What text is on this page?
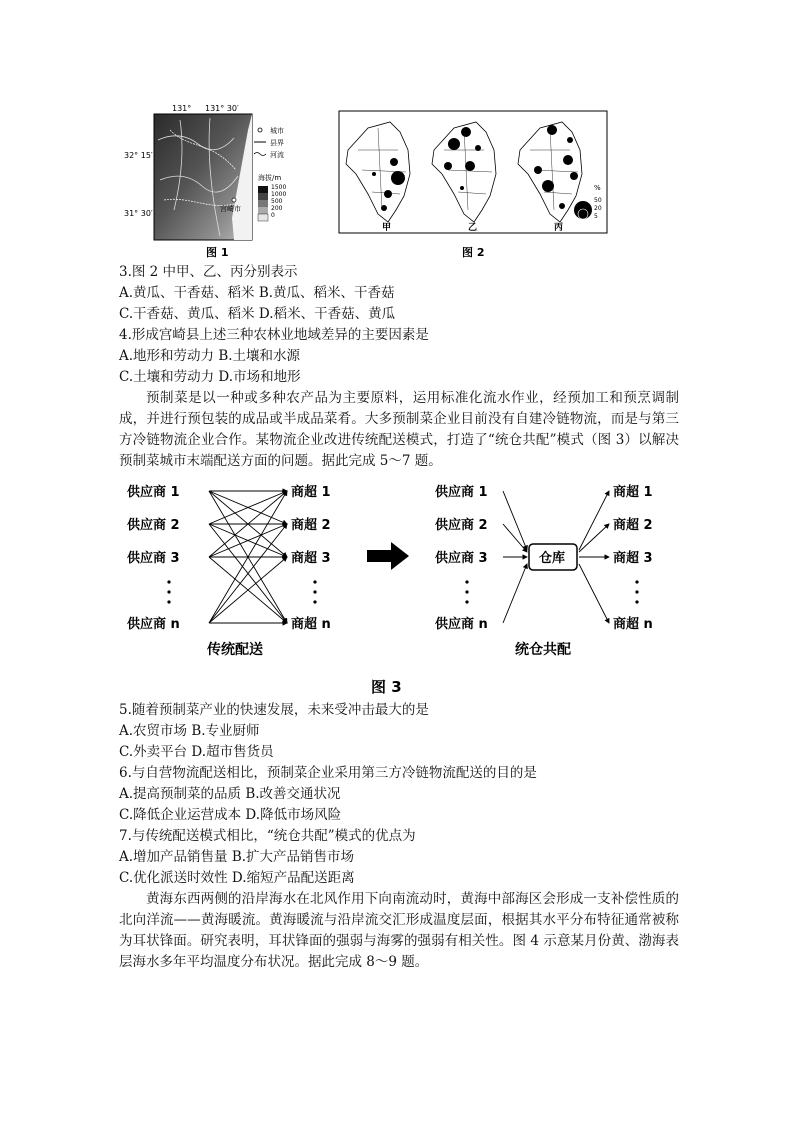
131° 131° 30′
宫崎市
32° 15′
31° 30′
城市
县界
河流
海拔/m
1500
1000
500
200
0
图 1
甲	乙	丙
%
50
20
5
图 2

3.图 2 中甲、乙、丙分别表示

A.黄瓜、干香菇、稻米 B.黄瓜、稻米、干香菇

C.干香菇、黄瓜、稻米 D.稻米、干香菇、黄瓜

4.形成宫崎县上述三种农林业地域差异的主要因素是

A.地形和劳动力 B.土壤和水源

C.土壤和劳动力 D.市场和地形

预制菜是以一种或多种农产品为主要原料，运用标准化流水作业，经预加工和预烹调制成，并进行预包装的成品或半成品菜肴。大多预制菜企业目前没有自建冷链物流，而是与第三方冷链物流企业合作。某物流企业改进传统配送模式，打造了“统仓共配”模式（图 3）以解决预制菜城市末端配送方面的问题。据此完成 5～7 题。

供应商 1
供应商 2
供应商 3
供应商 n
商超 1
商超 2
商超 3
商超 n
传统配送
供应商 1
供应商 2
供应商 3
供应商 n
商超 1
商超 2
商超 3
商超 n
仓库
统仓共配
图 3

5.随着预制菜产业的快速发展，未来受冲击最大的是

A.农贸市场 B.专业厨师

C.外卖平台 D.超市售货员

6.与自营物流配送相比，预制菜企业采用第三方冷链物流配送的目的是

A.提高预制菜的品质 B.改善交通状况

C.降低企业运营成本 D.降低市场风险

7.与传统配送模式相比，“统仓共配”模式的优点为

A.增加产品销售量 B.扩大产品销售市场

C.优化派送时效性 D.缩短产品配送距离

黄海东西两侧的沿岸海水在北风作用下向南流动时，黄海中部海区会形成一支补偿性质的北向洋流——黄海暖流。黄海暖流与沿岸流交汇形成温度层面，根据其水平分布特征通常被称为耳状锋面。研究表明，耳状锋面的强弱与海雾的强弱有相关性。图 4 示意某月份黄、渤海表层海水多年平均温度分布状况。据此完成 8～9 题。
